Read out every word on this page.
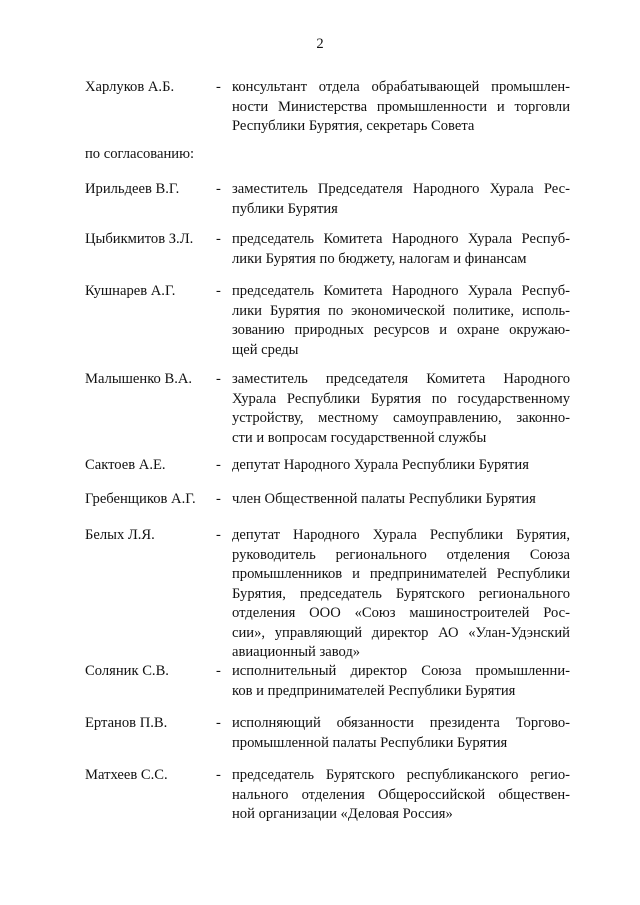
2
Харлуков А.Б.	- консультант отдела обрабатывающей промышлен-
ности Министерства промышленности и торговли
Республики Бурятия, секретарь Совета
по согласованию:
Ирильдеев В.Г.	- заместитель Председателя Народного Хурала Рес-
публики Бурятия
Цыбикмитов З.Л. - председатель Комитета Народного Хурала Респуб-
лики Бурятия по бюджету, налогам и финансам
Кушнарев А.Г.	- председатель Комитета Народного Хурала Респуб-
лики Бурятия по экономической политике, исполь-
зованию природных ресурсов и охране окружаю-
щей среды
Малышенко В.А. - заместитель председателя Комитета Народного
Хурала Республики Бурятия по государственному
устройству, местному самоуправлению, законно-
сти и вопросам государственной службы
Сактоев А.Е.	- депутат Народного Хурала Республики Бурятия
Гребенщиков А.Г. - член Общественной палаты Республики Бурятия
Белых Л.Я.	- депутат Народного Хурала Республики Бурятия,
руководитель регионального отделения Союза
промышленников и предпринимателей Республики
Бурятия, председатель Бурятского регионального
отделения ООО «Союз машиностроителей Рос-
сии», управляющий директор АО «Улан-Удэнский
авиационный завод»
Соляник С.В.	- исполнительный директор Союза промышленни-
ков и предпринимателей Республики Бурятия
Ертанов П.В.	- исполняющий обязанности президента Торгово-
промышленной палаты Республики Бурятия
Матхеев С.С.	- председатель Бурятского республиканского регио-
нального отделения Общероссийской обществен-
ной организации «Деловая Россия»
